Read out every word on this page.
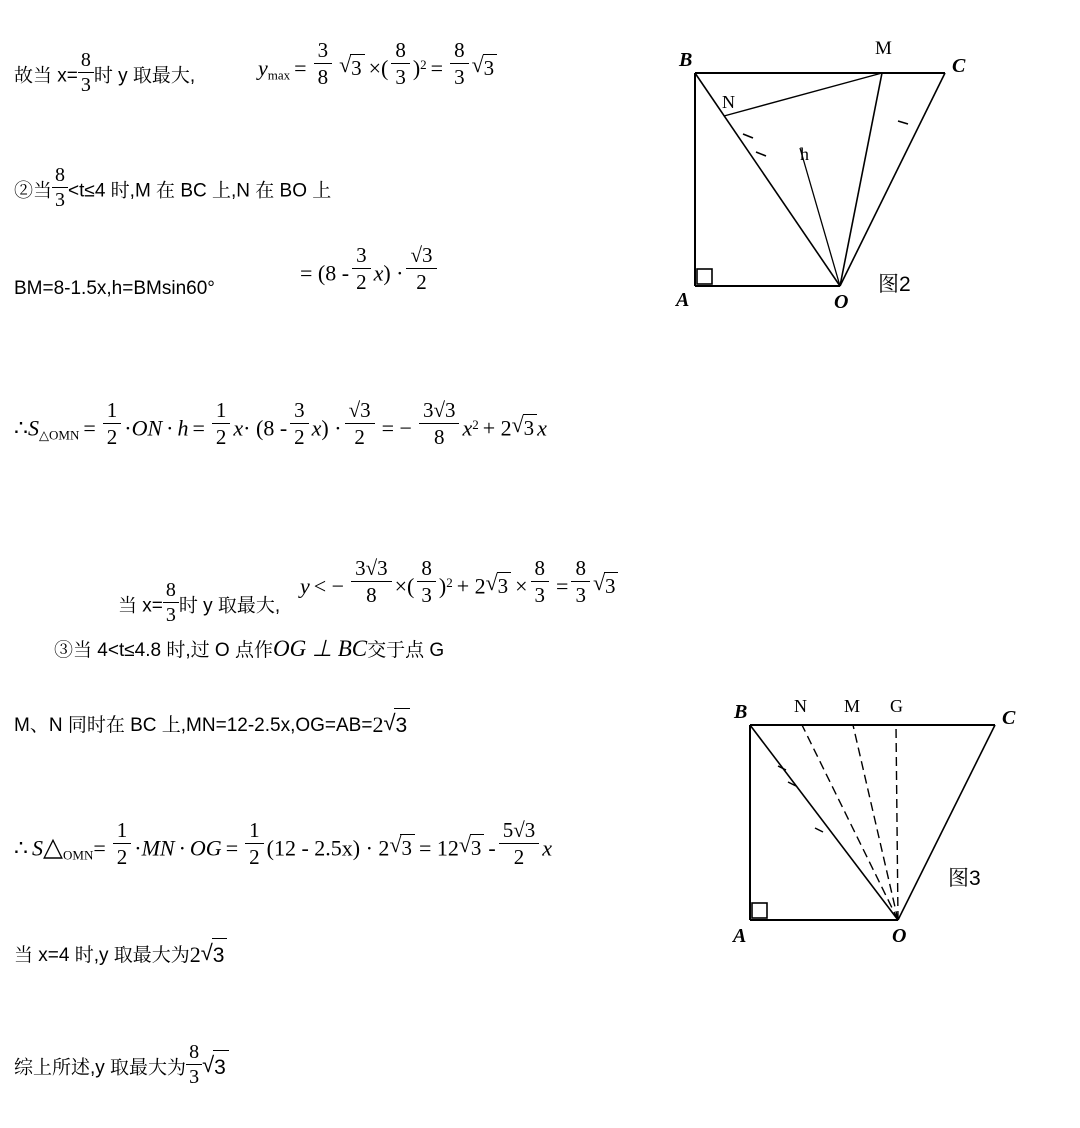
故当 $x= \frac{8}{3}$ 时 y 取最大,	$y_{max} = \frac{3}{8}$ √ 3 ×( $\frac{8}{3} )^2 = \frac{8}{3}$ √ 3
②当 $\frac{8}{3} <t\le 4$ 时,M 在 BC 上,N 在 BO 上
BM=8-1.5x,h=BMsin60°
= $(8 - \frac{3}{2} x) \cdot \frac{√3}{2}$
$\therefore S_{\triangle OMN} = \frac{1}{2} \cdot ON \cdot h = \frac{1}{2} x\cdot (8 - \frac{3}{2} x) \cdot \frac{√3}{2}$ = − $\frac{3√3}{8} x^2 + 2$ √ 3 x
当 $x= \frac{8}{3}$ 时 y 取最大,
y < − $\frac{3√3}{8}$ ×( $\frac{8}{3} )^2 + 2$ √ $3 \times \frac{8}{3} = \frac{8}{3}$ √ 3
③当 4<t≤4.8 时,过 O 点作OG ⊥ BC交于点 G
M、N 同时在 BC 上,MN=12-2.5x,OG=AB=2 √ 3
∴ $S\triangle_{OMN}= \frac{1}{2} \cdot MN$ · OG = $\frac{1}{2} (12 - 2.5x) \cdot 2$ √ 3 = 12 √ $3 - \frac{5√3}{2}$ x
当 x=4 时,y 取最大为2 √ 3
综上所述,y 取最大为 $\frac{8}{3}$ √ 3
B	C
M
N
A	O
h
图2
B	N M G
C
A	O
图3
